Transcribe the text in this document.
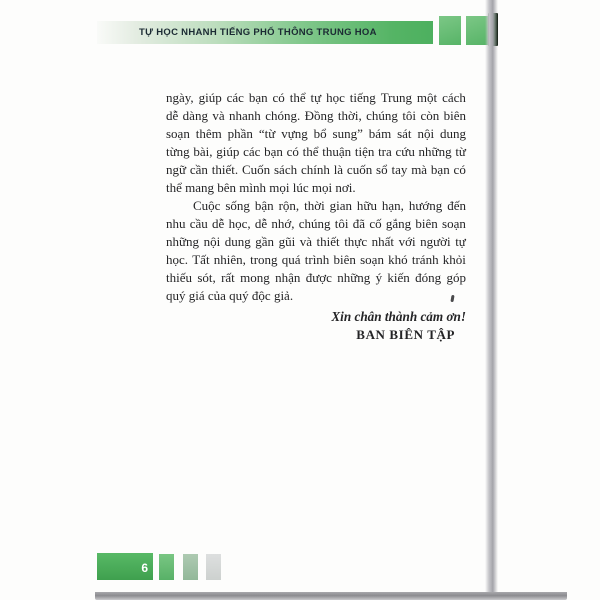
TỰ HỌC NHANH TIẾNG PHỔ THÔNG TRUNG HOA
ngày, giúp các bạn có thể tự học tiếng Trung một cách
dễ dàng và nhanh chóng. Đồng thời, chúng tôi còn biên
soạn thêm phần “từ vựng bổ sung” bám sát nội dung
từng bài, giúp các bạn có thể thuận tiện tra cứu những từ
ngữ cần thiết. Cuốn sách chính là cuốn sổ tay mà bạn có
thể mang bên mình mọi lúc mọi nơi.
Cuộc sống bận rộn, thời gian hữu hạn, hướng đến
nhu cầu dễ học, dễ nhớ, chúng tôi đã cố gắng biên soạn
những nội dung gần gũi và thiết thực nhất với người tự
học. Tất nhiên, trong quá trình biên soạn khó tránh khỏi
thiếu sót, rất mong nhận được những ý kiến đóng góp
quý giá của quý độc giả.
Xin chân thành cảm ơn!
BAN BIÊN TẬP
6
